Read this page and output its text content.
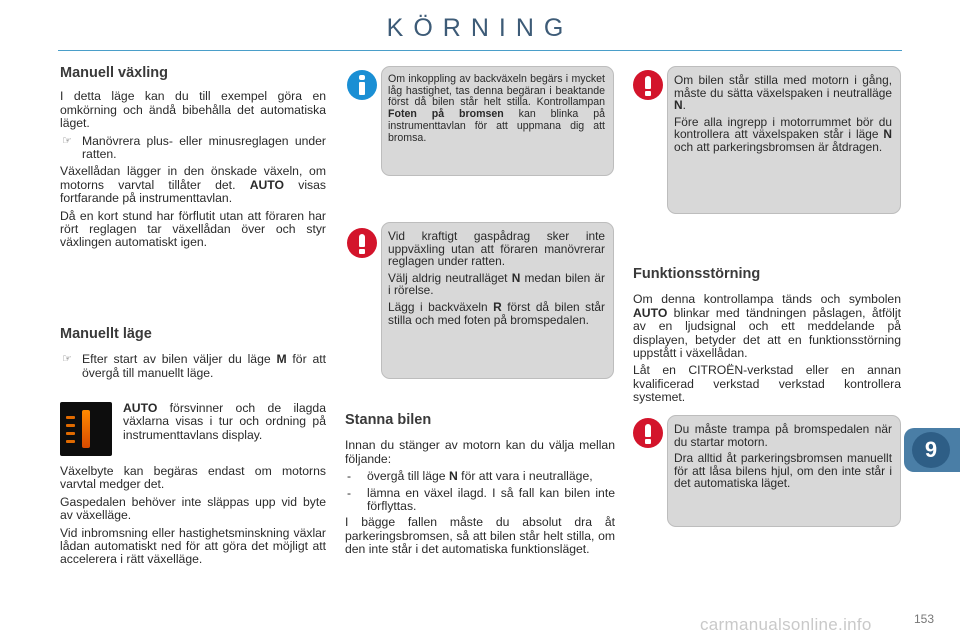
KÖRNING
Manuell växling

I detta läge kan du till exempel göra en omkörning och ändå bibehålla det automatiska läget.

☞ Manövrera plus- eller minusreglagen under ratten.

Växellådan lägger in den önskade växeln, om motorns varvtal tillåter det. AUTO visas fortfarande på instrumenttavlan.

Då en kort stund har förflutit utan att föraren har rört reglagen tar växellådan över och styr växlingen automatiskt igen.

Manuellt läge
☞ Efter start av bilen väljer du läge M för att övergå till manuellt läge.

AUTO försvinner och de ilagda växlarna visas i tur och ordning på instrumenttavlans display.

Växelbyte kan begäras endast om motorns varvtal medger det.

Gaspedalen behöver inte släppas upp vid byte av växelläge.

Vid inbromsning eller hastighetsminskning växlar lådan automatiskt ned för att göra det möjligt att accelerera i rätt växelläge.

Om inkoppling av backväxeln begärs i mycket låg hastighet, tas denna begäran i beaktande först då bilen står helt stilla. Kontrollampan Foten på bromsen kan blinka på instrumenttavlan för att uppmana dig att bromsa.

Vid kraftigt gaspådrag sker inte uppväxling utan att föraren manövrerar reglagen under ratten.

Välj aldrig neutralläget N medan bilen är i rörelse.

Lägg i backväxeln R först då bilen står stilla och med foten på bromspedalen.

Stanna bilen

Innan du stänger av motorn kan du välja mellan följande:

-	övergå till läge N för att vara i neutralläge,
-	lämna en växel ilagd. I så fall kan bilen inte förflyttas.

I bägge fallen måste du absolut dra åt parkeringsbromsen, så att bilen står helt stilla, om den inte står i det automatiska funktionsläget.

Om bilen står stilla med motorn i gång, måste du sätta växelspaken i neutralläge N.

Före alla ingrepp i motorrummet bör du kontrollera att växelspaken står i läge N och att parkeringsbromsen är åtdragen.

Funktionsstörning

Om denna kontrollampa tänds och symbolen AUTO blinkar med tändningen påslagen, åtföljt av en ljudsignal och ett meddelande på displayen, betyder det att en funktionsstörning uppstått i växellådan.

Låt en CITROËN-verkstad eller en annan kvalificerad verkstad verkstad kontrollera systemet.

Du måste trampa på bromspedalen när du startar motorn.

Dra alltid åt parkeringsbromsen manuellt för att låsa bilens hjul, om den inte står i det automatiska läget.

9
153
carmanualsonline.info
